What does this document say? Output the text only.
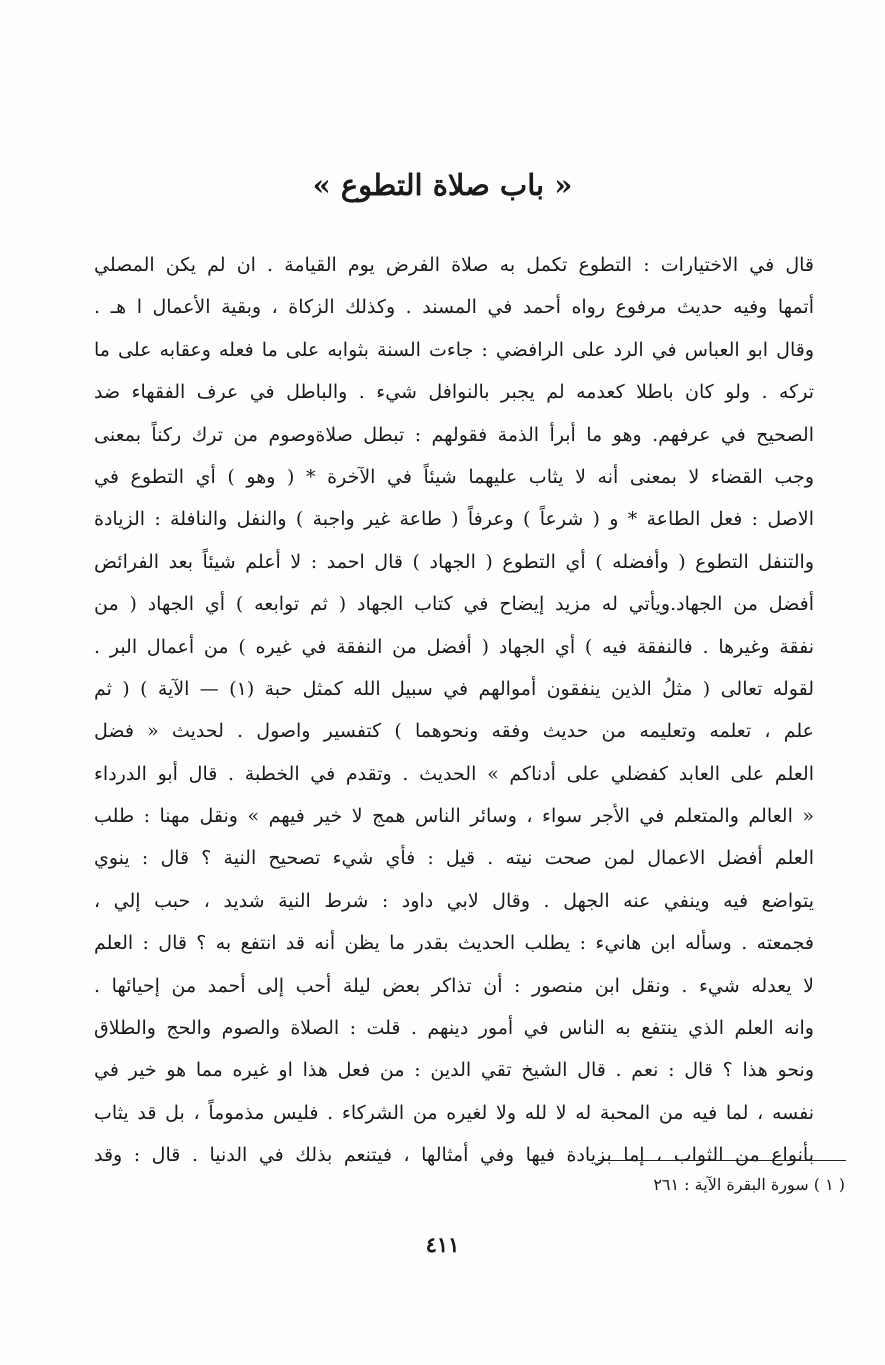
« باب صلاة التطوع »
قال في الاختيارات : التطوع تكمل به صلاة الفرض يوم القيامة . ان لم يكن المصلي
أتمها وفيه حديث مرفوع رواه أحمد في المسند . وكذلك الزكاة ، وبقية الأعمال ا هـ .
وقال ابو العباس في الرد على الرافضي : جاءت السنة بثوابه على ما فعله وعقابه على ما
تركه . ولو كان باطلا كعدمه لم يجبر بالنوافل شيء . والباطل في عرف الفقهاء ضد
الصحيح في عرفهم. وهو ما أبرأ الذمة فقولهم : تبطل صلاةوصوم من ترك ركناً بمعنى
وجب القضاء لا بمعنى أنه لا يثاب عليهما شيئاً في الآخرة * ( وهو ) أي التطوع في
الاصل : فعل الطاعة * و ( شرعاً ) وعرفاً ( طاعة غير واجبة ) والنفل والنافلة : الزيادة
والتنفل التطوع ( وأفضله ) أي التطوع ( الجهاد ) قال احمد : لا أعلم شيئاً بعد الفرائض
أفضل من الجهاد.ويأتي له مزيد إيضاح في كتاب الجهاد ( ثم توابعه ) أي الجهاد ( من
نفقة وغيرها . فالنفقة فيه ) أي الجهاد ( أفضل من النفقة في غيره ) من أعمال البر .
لقوله تعالى ( مثلُ الذين ينفقون أموالهم في سبيل الله كمثل حبة (١) — الآية ) ( ثم
علم ، تعلمه وتعليمه من حديث وفقه ونحوهما ) كتفسير واصول . لحديث « فضل
العلم على العابد كفضلي على أدناكم » الحديث . وتقدم في الخطبة . قال أبو الدرداء
« العالم والمتعلم في الأجر سواء ، وسائر الناس همج لا خير فيهم » ونقل مهنا : طلب
العلم أفضل الاعمال لمن صحت نيته . قيل : فأي شيء تصحيح النية ؟ قال : ينوي
يتواضع فيه وينفي عنه الجهل . وقال لابي داود : شرط النية شديد ، حبب إلي ،
فجمعته . وسأله ابن هانيء : يطلب الحديث بقدر ما يظن أنه قد انتفع به ؟ قال : العلم
لا يعدله شيء . ونقل ابن منصور : أن تذاكر بعض ليلة أحب إلى أحمد من إحيائها .
وانه العلم الذي ينتفع به الناس في أمور دينهم . قلت : الصلاة والصوم والحج والطلاق
ونحو هذا ؟ قال : نعم . قال الشيخ تقي الدين : من فعل هذا او غيره مما هو خير في
نفسه ، لما فيه من المحبة له لا لله ولا لغيره من الشركاء . فليس مذموماً ، بل قد يثاب
بأنواع من الثواب ، إما بزيادة فيها وفي أمثالها ، فيتنعم بذلك في الدنيا . قال : وقد
( ١ ) سورة البقرة الآية : ٢٦١
٤١١
